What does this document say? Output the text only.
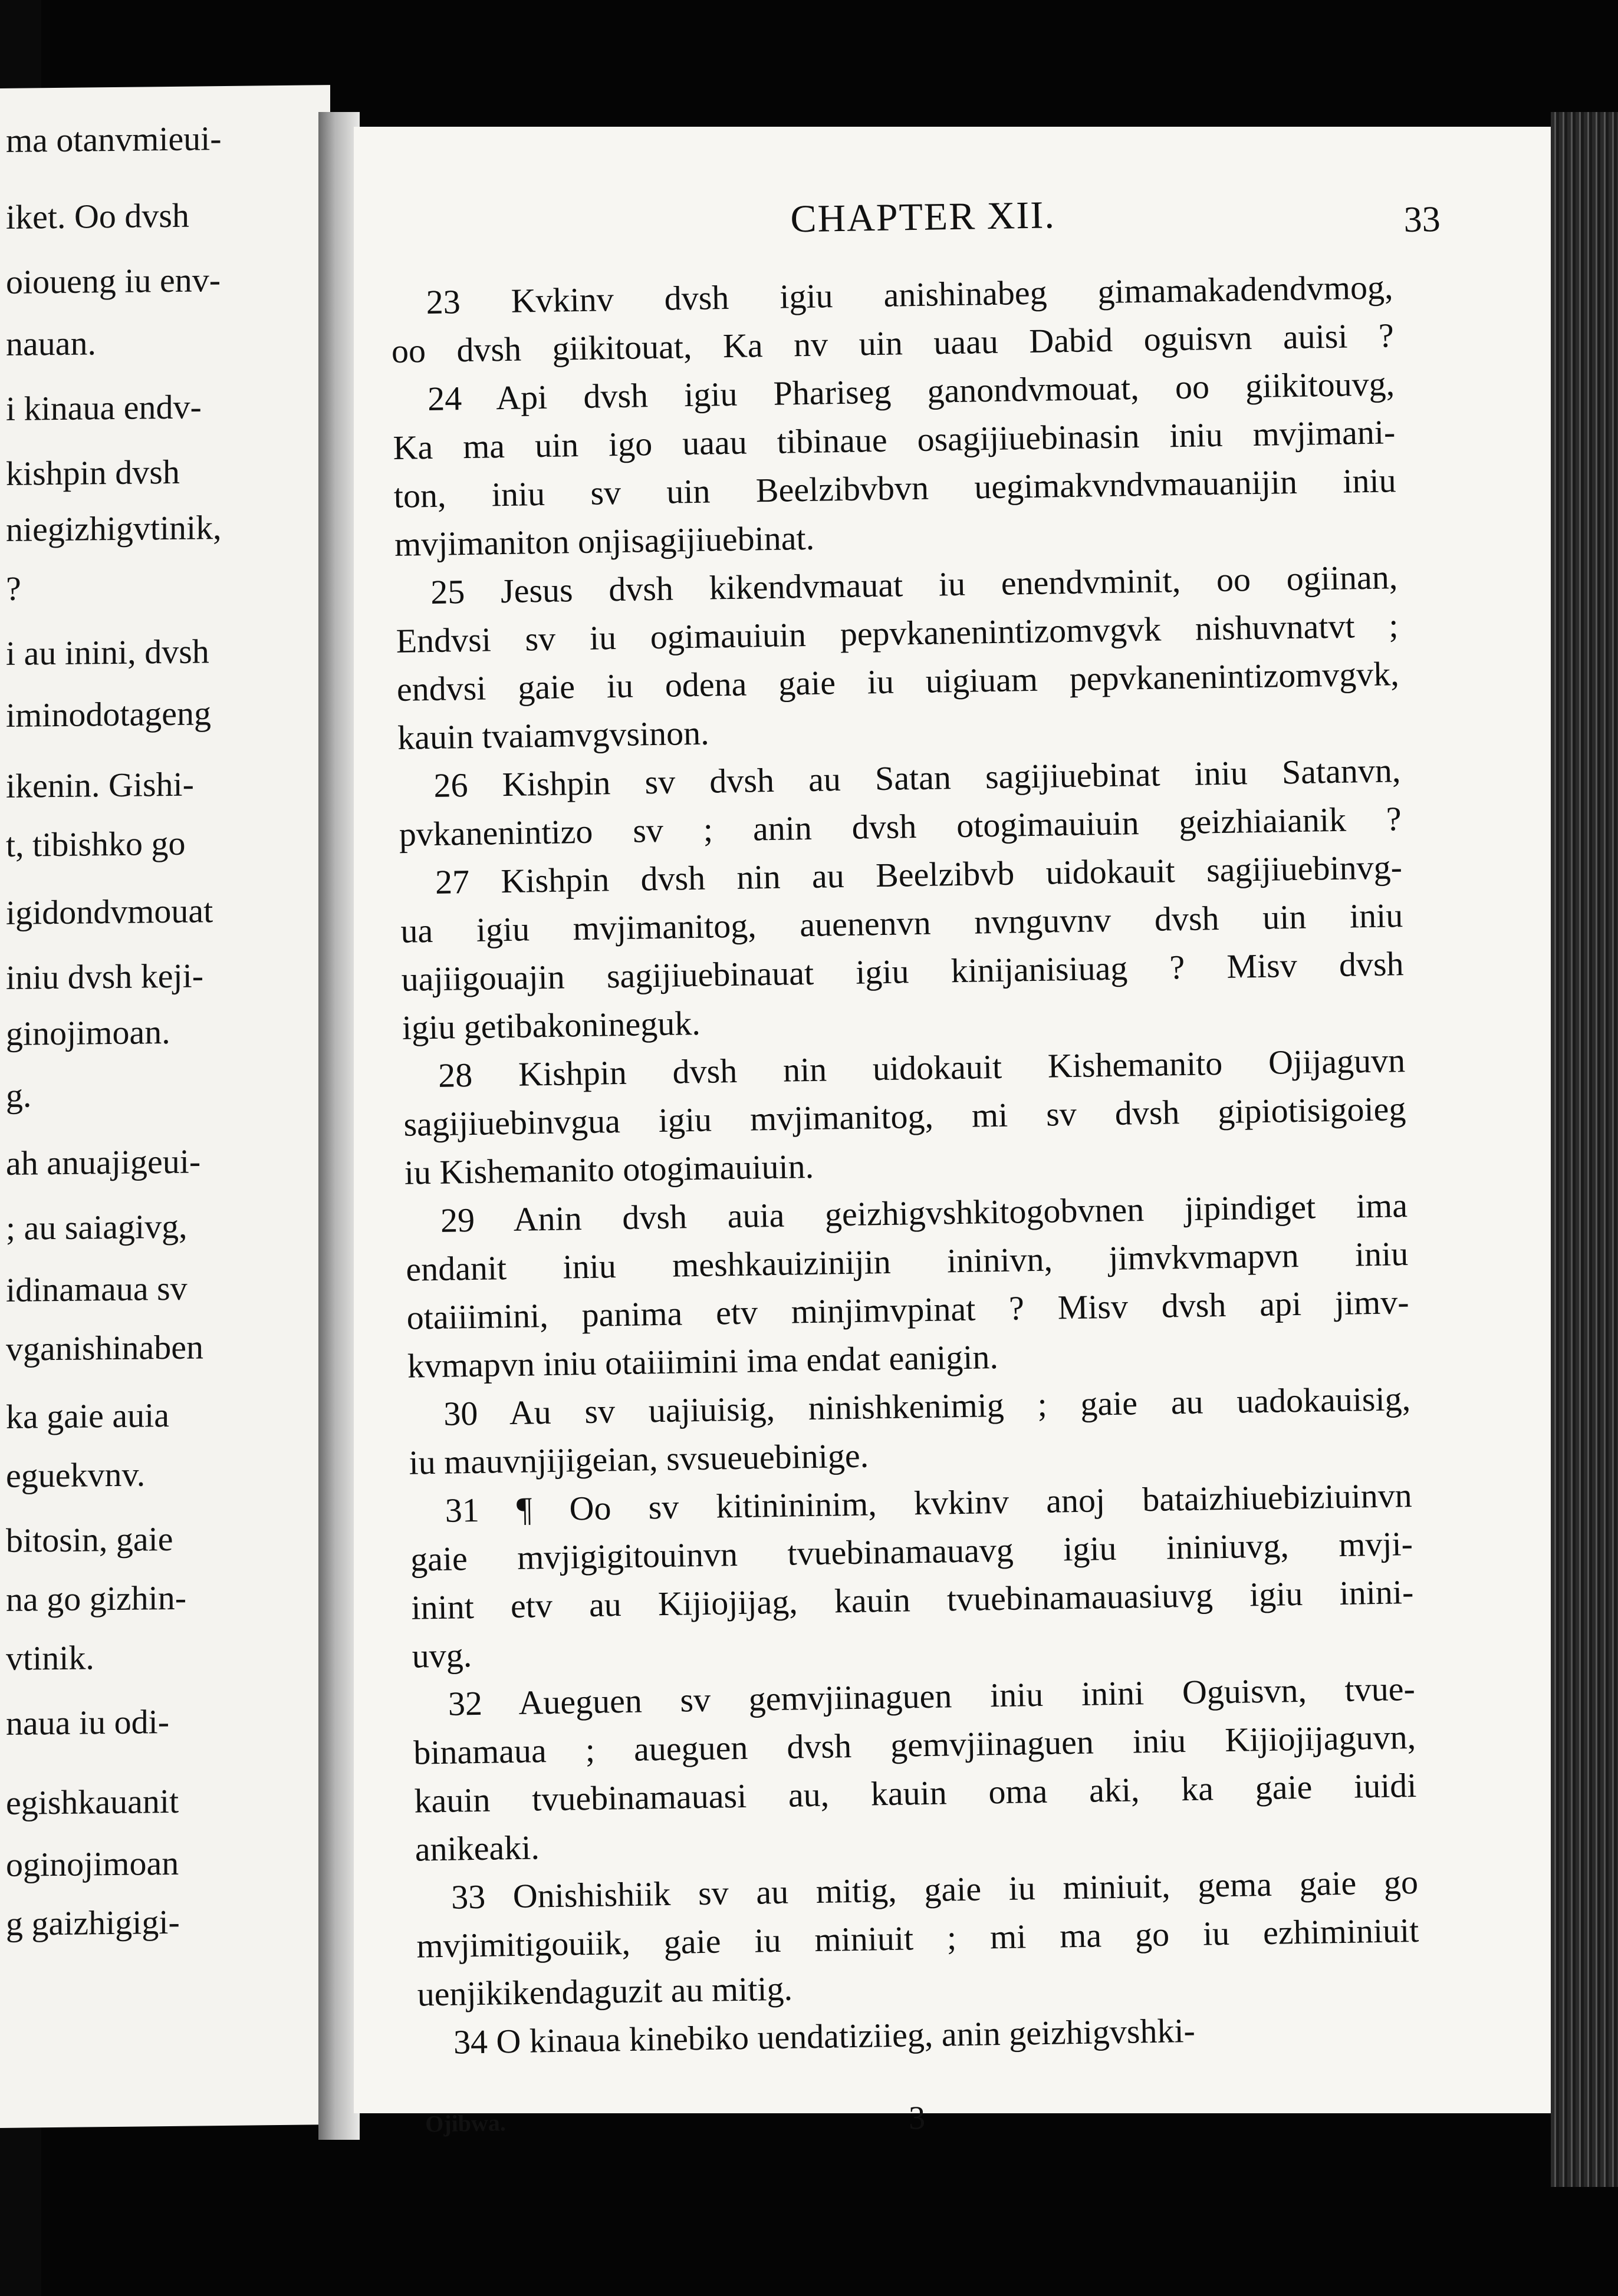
ma otanvmieui-
iket. Oo dvsh
oioueng iu env-
nauan.
i kinaua endv-
kishpin dvsh
niegizhigvtinik,
?
i au inini, dvsh
iminodotageng
ikenin. Gishi-
t, tibishko go
igidondvmouat
iniu dvsh keji-
ginojimoan.
g.
ah anuajigeui-
; au saiagivg,
idinamaua sv
vganishinaben
ka gaie auia
eguekvnv.
bitosin, gaie
na go gizhin-
vtinik.
naua iu odi-
egishkauanit
oginojimoan
g gaizhigigi-
CHAPTER XII.	33
Ojibwa.	3
23 Kvkinv dvsh igiu anishinabeg gimamakadendvmog,
oo dvsh giikitouat, Ka nv uin uaau Dabid oguisvn auisi ?
24 Api dvsh igiu Phariseg ganondvmouat, oo giikitouvg,
Ka ma uin igo uaau tibinaue osagijiuebinasin iniu mvjimani-
ton, iniu sv uin Beelzibvbvn uegimakvndvmauanijin iniu
mvjimaniton onjisagijiuebinat.
25 Jesus dvsh kikendvmauat iu enendvminit, oo ogiinan,
Endvsi sv iu ogimauiuin pepvkanenintizomvgvk nishuvnatvt ;
endvsi gaie iu odena gaie iu uigiuam pepvkanenintizomvgvk,
kauin tvaiamvgvsinon.
26 Kishpin sv dvsh au Satan sagijiuebinat iniu Satanvn,
pvkanenintizo sv ; anin dvsh otogimauiuin geizhiaianik ?
27 Kishpin dvsh nin au Beelzibvb uidokauit sagijiuebinvg-
ua igiu mvjimanitog, auenenvn nvnguvnv dvsh uin iniu
uajiigouajin sagijiuebinauat igiu kinijanisiuag ? Misv dvsh
igiu getibakonineguk.
28 Kishpin dvsh nin uidokauit Kishemanito Ojijaguvn
sagijiuebinvgua igiu mvjimanitog, mi sv dvsh gipiotisigoieg
iu Kishemanito otogimauiuin.
29 Anin dvsh auia geizhigvshkitogobvnen jipindiget ima
endanit iniu meshkauizinijin ininivn, jimvkvmapvn iniu
otaiiimini, panima etv minjimvpinat ? Misv dvsh api jimv-
kvmapvn iniu otaiiimini ima endat eanigin.
30 Au sv uajiuisig, ninishkenimig ; gaie au uadokauisig,
iu mauvnjijigeian, svsueuebinige.
31 ¶ Oo sv kitinininim, kvkinv anoj bataizhiuebiziuinvn
gaie mvjigigitouinvn tvuebinamauavg igiu ininiuvg, mvji-
inint etv au Kijiojijag, kauin tvuebinamauasiuvg igiu inini-
uvg.
32 Aueguen sv gemvjiinaguen iniu inini Oguisvn, tvue-
binamaua ; aueguen dvsh gemvjiinaguen iniu Kijiojijaguvn,
kauin tvuebinamauasi au, kauin oma aki, ka gaie iuidi
anikeaki.
33 Onishishiik sv au mitig, gaie iu miniuit, gema gaie go
mvjimitigouiik, gaie iu miniuit ; mi ma go iu ezhiminiuit
uenjikikendaguzit au mitig.
34 O kinaua kinebiko uendatiziieg, anin geizhigvshki-
